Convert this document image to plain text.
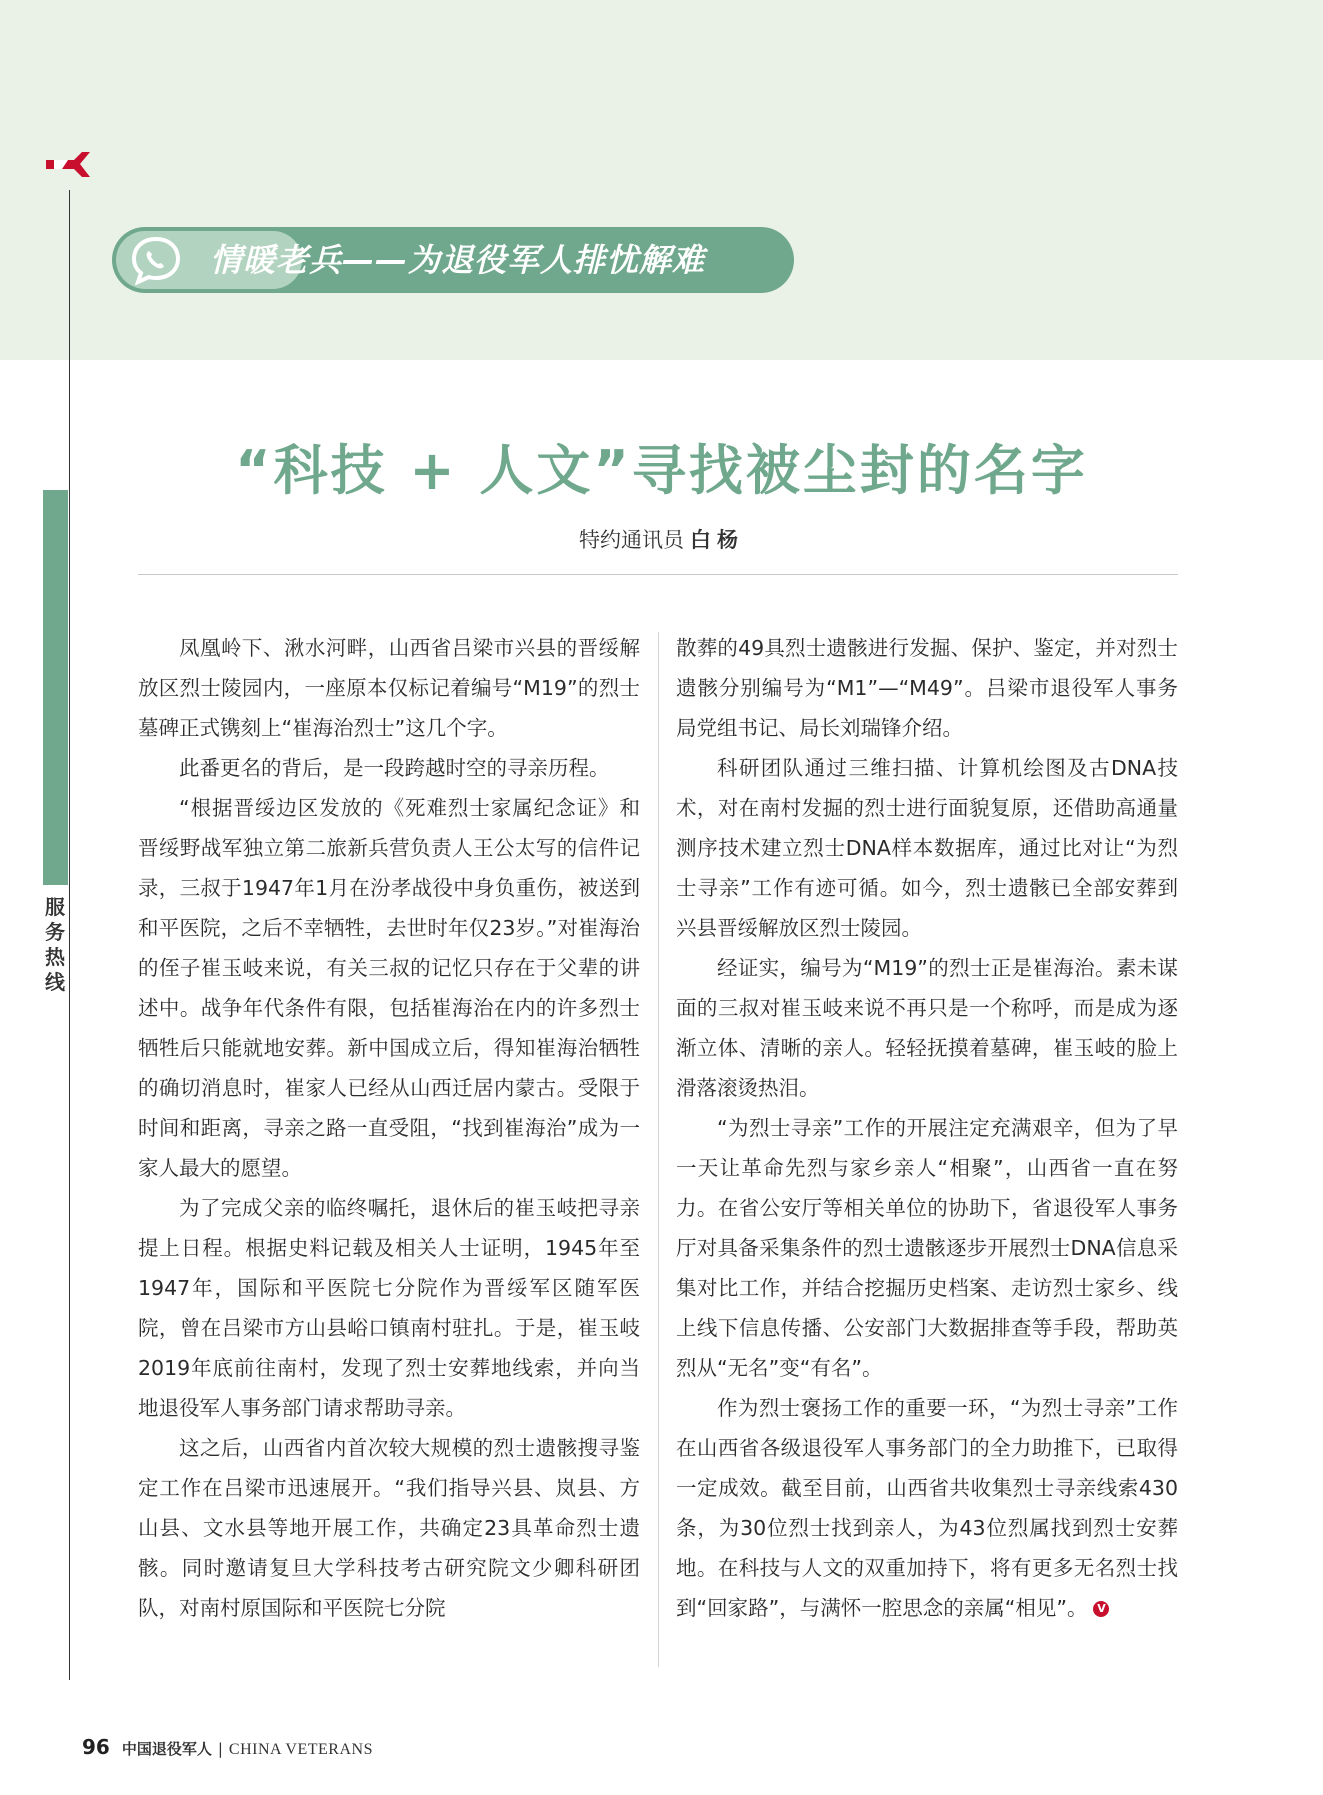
服务热线
情暖老兵——为退役军人排忧解难
“科技 + 人文”寻找被尘封的名字
特约通讯员 白杨

凤凰岭下、湫水河畔，山西省吕梁市兴县的晋绥解放区烈士陵园内，一座原本仅标记着编号“M19”的烈士墓碑正式镌刻上“崔海治烈士”这几个字。

此番更名的背后，是一段跨越时空的寻亲历程。

“根据晋绥边区发放的《死难烈士家属纪念证》和晋绥野战军独立第二旅新兵营负责人王公太写的信件记录，三叔于1947年1月在汾孝战役中身负重伤，被送到和平医院，之后不幸牺牲，去世时年仅23岁。”对崔海治的侄子崔玉岐来说，有关三叔的记忆只存在于父辈的讲述中。战争年代条件有限，包括崔海治在内的许多烈士牺牲后只能就地安葬。新中国成立后，得知崔海治牺牲的确切消息时，崔家人已经从山西迁居内蒙古。受限于时间和距离，寻亲之路一直受阻，“找到崔海治”成为一家人最大的愿望。

为了完成父亲的临终嘱托，退休后的崔玉岐把寻亲提上日程。根据史料记载及相关人士证明，1945年至1947年，国际和平医院七分院作为晋绥军区随军医院，曾在吕梁市方山县峪口镇南村驻扎。于是，崔玉岐2019年底前往南村，发现了烈士安葬地线索，并向当地退役军人事务部门请求帮助寻亲。

这之后，山西省内首次较大规模的烈士遗骸搜寻鉴定工作在吕梁市迅速展开。“我们指导兴县、岚县、方山县、文水县等地开展工作，共确定23具革命烈士遗骸。同时邀请复旦大学科技考古研究院文少卿科研团队，对南村原国际和平医院七分院

散葬的49具烈士遗骸进行发掘、保护、鉴定，并对烈士遗骸分别编号为“M1”—“M49”。吕梁市退役军人事务局党组书记、局长刘瑞锋介绍。

科研团队通过三维扫描、计算机绘图及古DNA技术，对在南村发掘的烈士进行面貌复原，还借助高通量测序技术建立烈士DNA样本数据库，通过比对让“为烈士寻亲”工作有迹可循。如今，烈士遗骸已全部安葬到兴县晋绥解放区烈士陵园。

经证实，编号为“M19”的烈士正是崔海治。素未谋面的三叔对崔玉岐来说不再只是一个称呼，而是成为逐渐立体、清晰的亲人。轻轻抚摸着墓碑，崔玉岐的脸上滑落滚烫热泪。

“为烈士寻亲”工作的开展注定充满艰辛，但为了早一天让革命先烈与家乡亲人“相聚”，山西省一直在努力。在省公安厅等相关单位的协助下，省退役军人事务厅对具备采集条件的烈士遗骸逐步开展烈士DNA信息采集对比工作，并结合挖掘历史档案、走访烈士家乡、线上线下信息传播、公安部门大数据排查等手段，帮助英烈从“无名”变“有名”。

作为烈士褒扬工作的重要一环，“为烈士寻亲”工作在山西省各级退役军人事务部门的全力助推下，已取得一定成效。截至目前，山西省共收集烈士寻亲线索430条，为30位烈士找到亲人，为43位烈属找到烈士安葬地。在科技与人文的双重加持下，将有更多无名烈士找到“回家路”，与满怀一腔思念的亲属“相见”。V

96 中国退役军人 | CHINA VETERANS
